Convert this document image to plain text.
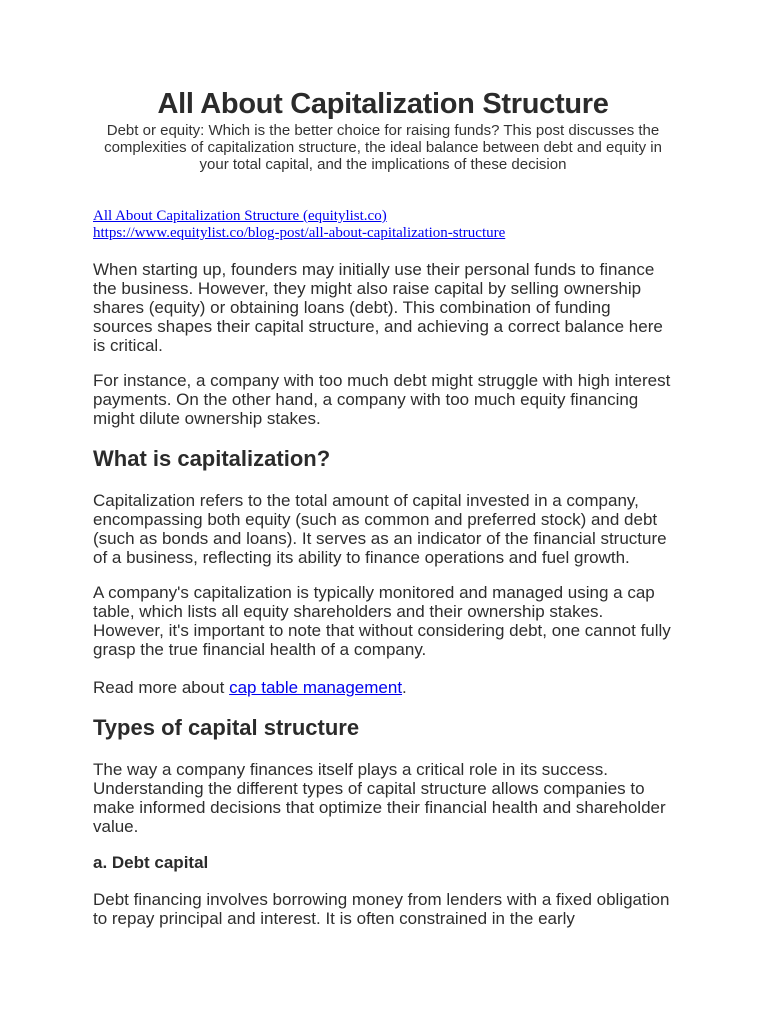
All About Capitalization Structure
Debt or equity: Which is the better choice for raising funds? This post discusses the complexities of capitalization structure, the ideal balance between debt and equity in your total capital, and the implications of these decision
All About Capitalization Structure (equitylist.co)
https://www.equitylist.co/blog-post/all-about-capitalization-structure

When starting up, founders may initially use their personal funds to finance the business. However, they might also raise capital by selling ownership shares (equity) or obtaining loans (debt). This combination of funding sources shapes their capital structure, and achieving a correct balance here is critical.

For instance, a company with too much debt might struggle with high interest payments. On the other hand, a company with too much equity financing might dilute ownership stakes.

What is capitalization?

Capitalization refers to the total amount of capital invested in a company, encompassing both equity (such as common and preferred stock) and debt (such as bonds and loans). It serves as an indicator of the financial structure of a business, reflecting its ability to finance operations and fuel growth.

A company's capitalization is typically monitored and managed using a cap table, which lists all equity shareholders and their ownership stakes. However, it's important to note that without considering debt, one cannot fully grasp the true financial health of a company.

Read more about cap table management.

Types of capital structure

The way a company finances itself plays a critical role in its success. Understanding the different types of capital structure allows companies to make informed decisions that optimize their financial health and shareholder value.

a. Debt capital

Debt financing involves borrowing money from lenders with a fixed obligation to repay principal and interest. It is often constrained in the early
